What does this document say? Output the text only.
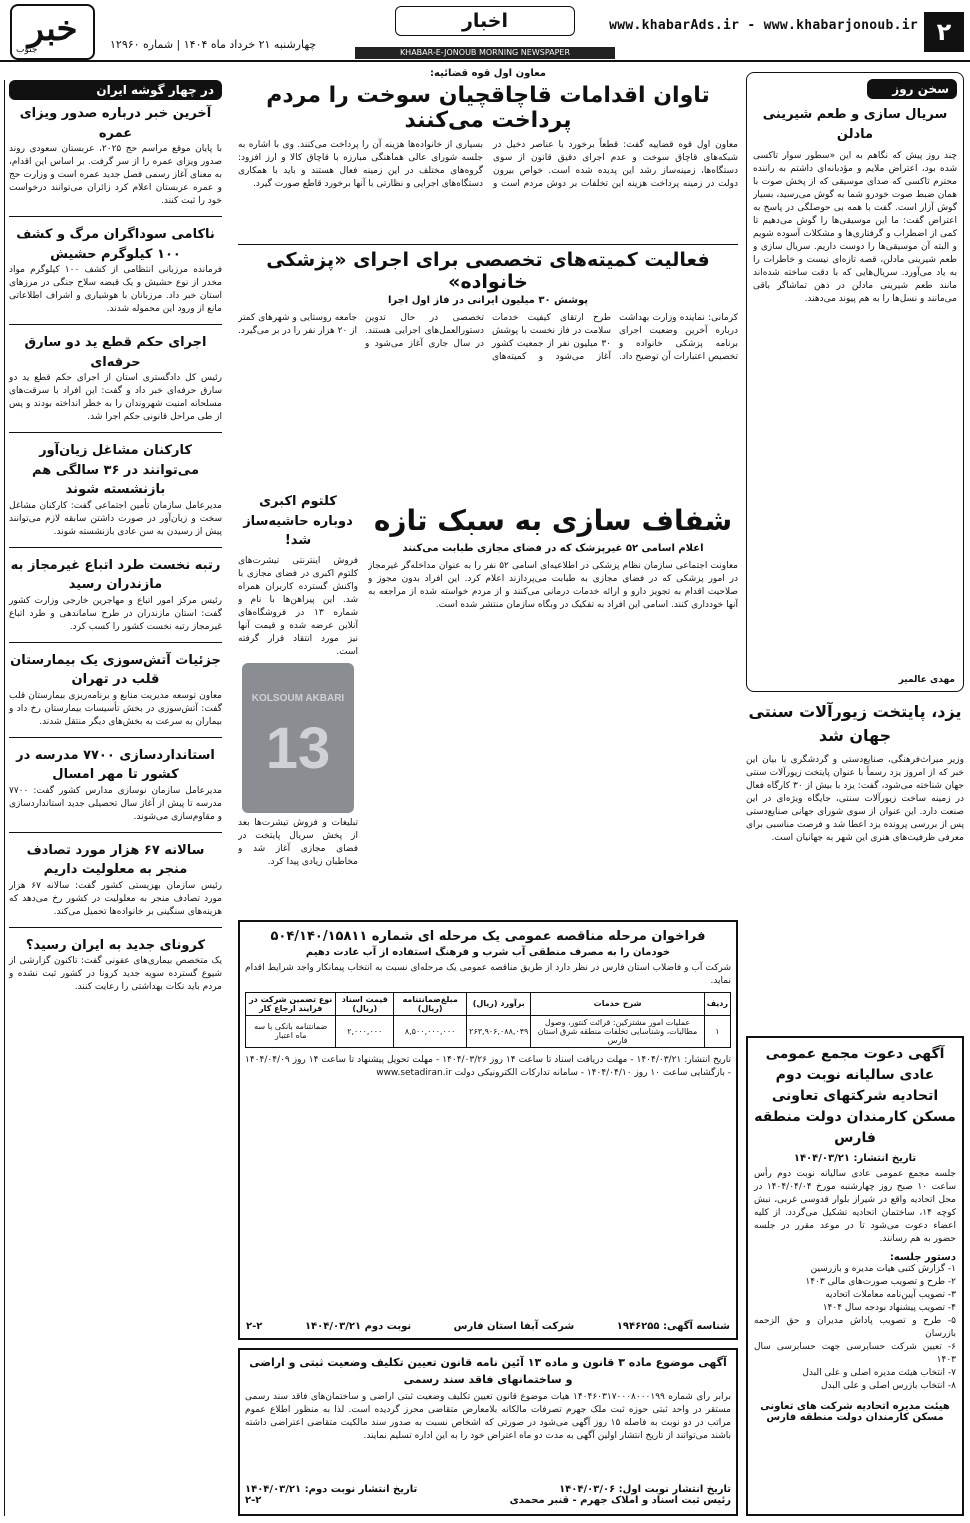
۲
www.khabarAds.ir - www.khabarjonoub.ir
اخبار
KHABAR-E-JONOUB MORNING NEWSPAPER
چهارشنبه ۲۱ خرداد ماه ۱۴۰۴ | شماره ۱۲۹۶۰
خبر
جنوب
سخن روز
سریال سازی و طعم شیرینی مادلن
چند روز پیش که نگاهم به این «سطور سوار تاکسی شده بود، اعتراض ملایم و مؤدبانه‌ای داشتم به راننده محترم تاکسی که صدای موسیقی که از پخش صوت با همان ضبط صوت خودرو شما به گوش می‌رسید، بسیار گوش آزار است. گفت با همه بی حوصلگی در پاسخ به اعتراض گفت: ما این موسیقی‌ها را گوش می‌دهیم تا کمی از اضطراب و گرفتاری‌ها و مشکلات آسوده شویم و البته آن موسیقی‌ها را دوست داریم. سریال سازی و طعم شیرینی مادلن، قصه تازه‌ای نیست و خاطرات را به یاد می‌آورد. سریال‌هایی که با دقت ساخته شده‌اند مانند طعم شیرینی مادلن در ذهن تماشاگر باقی می‌مانند و نسل‌ها را به هم پیوند می‌دهند.
مهدی عالمیر
یزد، پایتخت زیورآلات سنتی جهان شد
وزیر میراث‌فرهنگی، صنایع‌دستی و گردشگری با بیان این خبر که از امروز یزد رسماً با عنوان پایتخت زیورآلات سنتی جهان شناخته می‌شود، گفت: یزد با بیش از ۳۰ کارگاه فعال در زمینه ساخت زیورآلات سنتی، جایگاه ویژه‌ای در این صنعت دارد. این عنوان از سوی شورای جهانی صنایع‌دستی پس از بررسی پرونده یزد اعطا شد و فرصت مناسبی برای معرفی ظرفیت‌های هنری این شهر به جهانیان است.
آگهی دعوت مجمع عمومی عادی سالیانه نوبت دوم اتحادیه شرکتهای تعاونی مسکن کارمندان دولت منطقه فارس
تاریخ انتشار: ۱۴۰۴/۰۳/۲۱
جلسه مجمع عمومی عادی سالیانه نوبت دوم رأس ساعت ۱۰ صبح روز چهارشنبه مورخ ۱۴۰۴/۰۴/۰۴ در محل اتحادیه واقع در شیراز بلوار قدوسی غربی، نبش کوچه ۱۴، ساختمان اتحادیه تشکیل می‌گردد. از کلیه اعضاء دعوت می‌شود تا در موعد مقرر در جلسه حضور به هم رسانند.
دستور جلسه:
۱- گزارش کتبی هیات مدیره و بازرسین
۲- طرح و تصویب صورت‌های مالی ۱۴۰۳
۳- تصویب آیین‌نامه معاملات اتحادیه
۴- تصویب پیشنهاد بودجه سال ۱۴۰۴
۵- طرح و تصویب پاداش مدیران و حق الزحمه بازرسان
۶- تعیین شرکت حسابرسی جهت حسابرسی سال ۱۴۰۳
۷- انتخاب هیئت مدیره اصلی و علی البدل
۸- انتخاب بازرس اصلی و علی البدل
هیئت مدیره اتحادیه شرکت های تعاونی مسکن کارمندان دولت منطقه فارس
معاون اول قوه قضائیه:
تاوان اقدامات قاچاقچیان سوخت را مردم پرداخت می‌کنند
معاون اول قوه قضاییه گفت: قطعاً برخورد با عناصر دخیل در شبکه‌های قاچاق سوخت و عدم اجرای دقیق قانون از سوی دستگاه‌ها، زمینه‌ساز رشد این پدیده شده است. خواص بیرون دولت در زمینه پرداخت هزینه این تخلفات بر دوش مردم است و بسیاری از خانواده‌ها هزینه آن را پرداخت می‌کنند. وی با اشاره به جلسه شورای عالی هماهنگی مبارزه با قاچاق کالا و ارز افزود: گروه‌های مختلف در این زمینه فعال هستند و باید با همکاری دستگاه‌های اجرایی و نظارتی با آنها برخورد قاطع صورت گیرد.
فعالیت کمیته‌های تخصصی برای اجرای «پزشکی خانواده»
پوشش ۳۰ میلیون ایرانی در فاز اول اجرا
کرمانی: نماینده وزارت بهداشت درباره آخرین وضعیت اجرای برنامه پزشکی خانواده و تخصیص اعتبارات آن توضیح داد. طرح ارتقای کیفیت خدمات سلامت در فاز نخست با پوشش ۳۰ میلیون نفر از جمعیت کشور آغاز می‌شود و کمیته‌های تخصصی در حال تدوین دستورالعمل‌های اجرایی هستند. در سال جاری آغاز می‌شود و جامعه روستایی و شهرهای کمتر از ۲۰ هزار نفر را در بر می‌گیرد.
کلتوم اکبری دوباره حاشیه‌ساز شد!
فروش اینترنتی تیشرت‌های کلتوم اکبری در فضای مجازی با واکنش گسترده کاربران همراه شد. این پیراهن‌ها با نام و شماره ۱۳ در فروشگاه‌های آنلاین عرضه شده و قیمت آنها نیز مورد انتقاد قرار گرفته است.
KOLSOUM AKBARI
13
تبلیغات و فروش تیشرت‌ها بعد از پخش سریال پایتخت در فضای مجازی آغاز شد و مخاطبان زیادی پیدا کرد.
شفاف سازی به سبک تازه
اعلام اسامی ۵۲ غیرپزشک که در فضای مجازی طبابت می‌کنند
معاونت اجتماعی سازمان نظام پزشکی در اطلاعیه‌ای اسامی ۵۲ نفر را به عنوان مداخله‌گر غیرمجاز در امور پزشکی که در فضای مجازی به طبابت می‌پردازند اعلام کرد. این افراد بدون مجوز و صلاحیت اقدام به تجویز دارو و ارائه خدمات درمانی می‌کنند و از مردم خواسته شده از مراجعه به آنها خودداری کنند. اسامی این افراد به تفکیک در وبگاه سازمان منتشر شده است.
فراخوان مرحله مناقصه عمومی یک مرحله ای شماره ۵۰۴/۱۴۰/۱۵۸۱۱
خودمان را به مصرف منطقی آب شرب و فرهنگ استفاده از آب عادت دهیم
شرکت آب و فاضلاب استان فارس در نظر دارد از طریق مناقصه عمومی یک مرحله‌ای نسبت به انتخاب پیمانکار واجد شرایط اقدام نماید.
ردیف	شرح خدمات	برآورد (ریال)	مبلغ‌ضمانتنامه (ریال)	قیمت اسناد (ریال)	نوع تضمین شرکت در فرایند ارجاع کار
۱	عملیات امور مشترکین: قرائت کنتور، وصول مطالبات، وشناسایی تخلفات منطقه شرق استان فارس	۲۶۳,۹۰۶,۰۸۸,۰۴۹	۸,۵۰۰,۰۰۰,۰۰۰	۲,۰۰۰,۰۰۰	ضمانتنامه بانکی با سه ماه اعتبار
تاریخ انتشار: ۱۴۰۴/۰۳/۲۱ - مهلت دریافت اسناد تا ساعت ۱۴ روز ۱۴۰۴/۰۳/۲۶ - مهلت تحویل پیشنهاد تا ساعت ۱۴ روز ۱۴۰۴/۰۴/۰۹ - بازگشایی ساعت ۱۰ روز ۱۴۰۴/۰۴/۱۰ - سامانه تدارکات الکترونیکی دولت www.setadiran.ir
شناسه آگهی: ۱۹۴۶۲۵۵
شرکت آبفا استان فارس
نوبت دوم ۱۴۰۴/۰۳/۲۱
۲-۲
آگهی موضوع ماده ۳ قانون و ماده ۱۳ آئین نامه قانون تعیین تکلیف وضعیت ثبتی و اراضی و ساختمانهای فاقد سند رسمی
برابر رأی شماره ۱۴۰۴۶۰۳۱۷۰۰۰۸۰۰۰۱۹۹ هیات موضوع قانون تعیین تکلیف وضعیت ثبتی اراضی و ساختمان‌های فاقد سند رسمی مستقر در واحد ثبتی حوزه ثبت ملک جهرم تصرفات مالکانه بلامعارض متقاضی محرز گردیده است. لذا به منظور اطلاع عموم مراتب در دو نوبت به فاصله ۱۵ روز آگهی می‌شود در صورتی که اشخاص نسبت به صدور سند مالکیت متقاضی اعتراضی داشته باشند می‌توانند از تاریخ انتشار اولین آگهی به مدت دو ماه اعتراض خود را به این اداره تسلیم نمایند.
تاریخ انتشار نوبت اول: ۱۴۰۴/۰۳/۰۶
تاریخ انتشار نوبت دوم: ۱۴۰۴/۰۳/۲۱
رئیس ثبت اسناد و املاک جهرم - قنبر محمدی
۲-۲
در چهار گوشه ایران
آخرین خبر درباره صدور ویزای عمره
با پایان موقع مراسم حج ۲۰۲۵، عربستان سعودی روند صدور ویزای عمره را از سر گرفت. بر اساس این اقدام، به معنای آغاز رسمی فصل جدید عمره است و وزارت حج و عمره عربستان اعلام کرد زائران می‌توانند درخواست خود را ثبت کنند.
ناکامی سوداگران مرگ و کشف ۱۰۰ کیلوگرم حشیش
فرمانده مرزبانی انتظامی از کشف ۱۰۰ کیلوگرم مواد مخدر از نوع حشیش و یک قبضه سلاح جنگی در مرزهای استان خبر داد. مرزبانان با هوشیاری و اشراف اطلاعاتی مانع از ورود این محموله شدند.
اجرای حکم قطع ید دو سارق حرفه‌ای
رئیس کل دادگستری استان از اجرای حکم قطع ید دو سارق حرفه‌ای خبر داد و گفت: این افراد با سرقت‌های مسلحانه امنیت شهروندان را به خطر انداخته بودند و پس از طی مراحل قانونی حکم اجرا شد.
کارکنان مشاغل زیان‌آور می‌توانند در ۳۶ سالگی هم بازنشسته شوند
مدیرعامل سازمان تأمین اجتماعی گفت: کارکنان مشاغل سخت و زیان‌آور در صورت داشتن سابقه لازم می‌توانند پیش از رسیدن به سن عادی بازنشسته شوند.
رتبه نخست طرد اتباع غیرمجاز به مازندران رسید
رئیس مرکز امور اتباع و مهاجرین خارجی وزارت کشور گفت: استان مازندران در طرح ساماندهی و طرد اتباع غیرمجاز رتبه نخست کشور را کسب کرد.
جزئیات آتش‌سوزی یک بیمارستان قلب در تهران
معاون توسعه مدیریت منابع و برنامه‌ریزی بیمارستان قلب گفت: آتش‌سوزی در بخش تأسیسات بیمارستان رخ داد و بیماران به سرعت به بخش‌های دیگر منتقل شدند.
استانداردسازی ۷۷۰۰ مدرسه در کشور تا مهر امسال
مدیرعامل سازمان نوسازی مدارس کشور گفت: ۷۷۰۰ مدرسه تا پیش از آغاز سال تحصیلی جدید استانداردسازی و مقاوم‌سازی می‌شوند.
سالانه ۶۷ هزار مورد تصادف منجر به معلولیت داریم
رئیس سازمان بهزیستی کشور گفت: سالانه ۶۷ هزار مورد تصادف منجر به معلولیت در کشور رخ می‌دهد که هزینه‌های سنگینی بر خانواده‌ها تحمیل می‌کند.
کرونای جدید به ایران رسید؟
یک متخصص بیماری‌های عفونی گفت: تاکنون گزارشی از شیوع گسترده سویه جدید کرونا در کشور ثبت نشده و مردم باید نکات بهداشتی را رعایت کنند.
